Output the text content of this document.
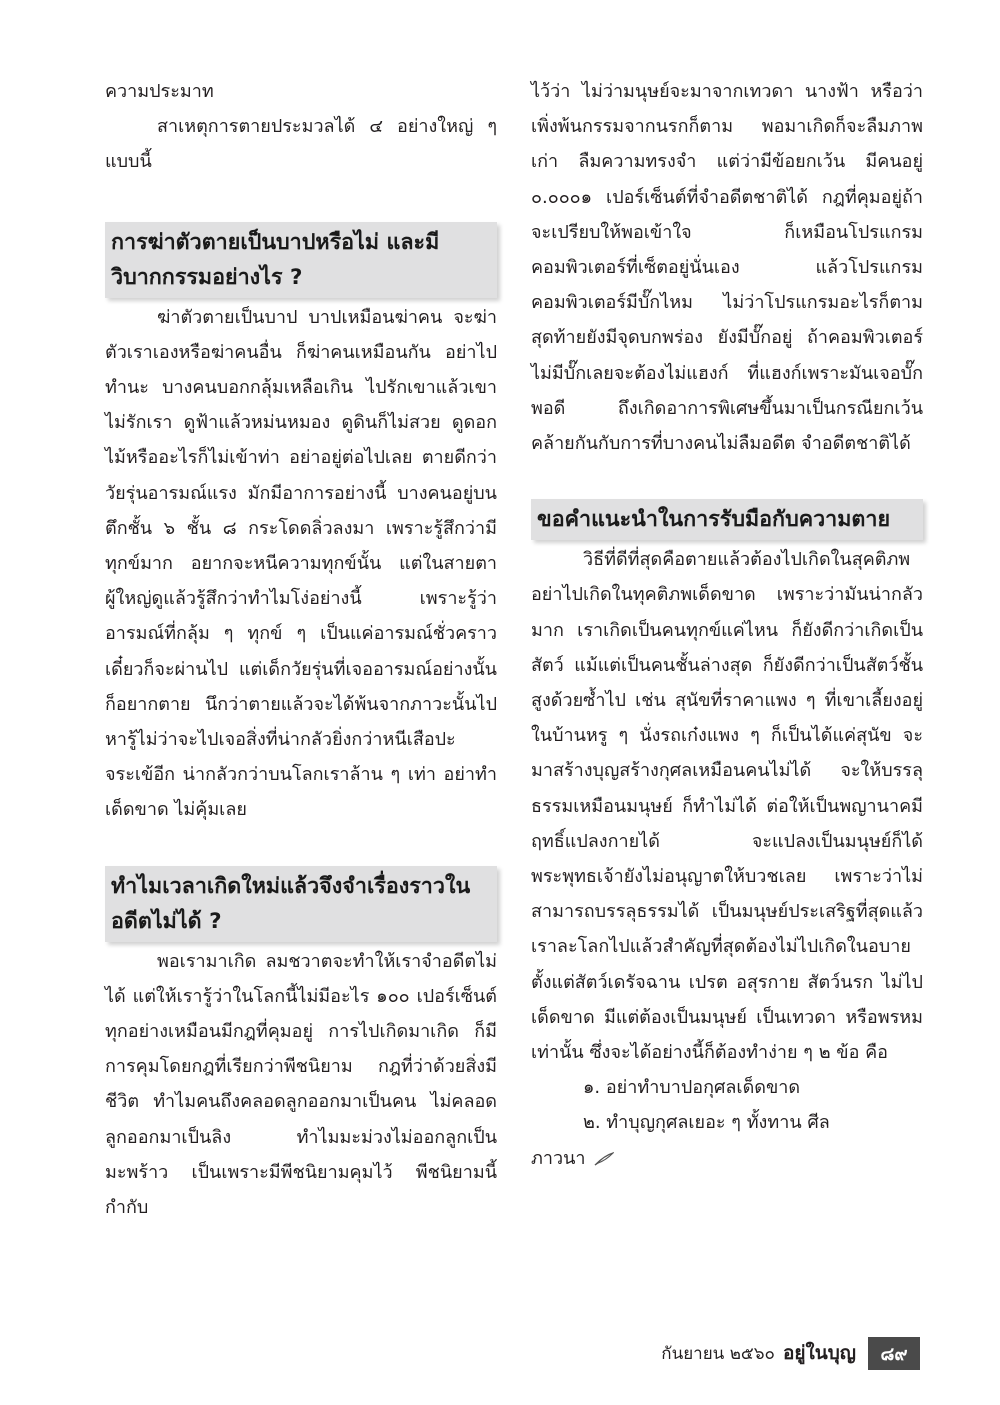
ความประมาท

สาเหตุการตายประมวลได้ ๔ อย่างใหญ่ ๆ แบบนี้

การฆ่าตัวตายเป็นบาปหรือไม่ และมีวิบากกรรมอย่างไร ?

ฆ่าตัวตายเป็นบาป บาปเหมือนฆ่าคน จะฆ่าตัวเราเองหรือฆ่าคนอื่น ก็ฆ่าคนเหมือนกัน อย่าไปทำนะ บางคนบอกกลุ้มเหลือเกิน ไปรักเขาแล้วเขาไม่รักเรา ดูฟ้าแล้วหม่นหมอง ดูดินก็ไม่สวย ดูดอกไม้หรืออะไรก็ไม่เข้าท่า อย่าอยู่ต่อไปเลย ตายดีกว่า วัยรุ่นอารมณ์แรง มักมีอาการอย่างนี้ บางคนอยู่บนตึกชั้น ๖ ชั้น ๘ กระโดดลิ่วลงมา เพราะรู้สึกว่ามีทุกข์มาก อยากจะหนีความทุกข์นั้น แต่ในสายตาผู้ใหญ่ดูแล้วรู้สึกว่าทำไมโง่อย่างนี้ เพราะรู้ว่าอารมณ์ที่กลุ้ม ๆ ทุกข์ ๆ เป็นแค่อารมณ์ชั่วคราว เดี๋ยวก็จะผ่านไป แต่เด็กวัยรุ่นที่เจออารมณ์อย่างนั้น ก็อยากตาย นึกว่าตายแล้วจะได้พ้นจากภาวะนั้นไป หารู้ไม่ว่าจะไปเจอสิ่งที่น่ากลัวยิ่งกว่าหนีเสือปะจระเข้อีก น่ากลัวกว่าบนโลกเราล้าน ๆ เท่า อย่าทำเด็ดขาด ไม่คุ้มเลย

ทำไมเวลาเกิดใหม่แล้วจึงจำเรื่องราวในอดีตไม่ได้ ?

พอเรามาเกิด ลมชวาตจะทำให้เราจำอดีตไม่ได้ แต่ให้เรารู้ว่าในโลกนี้ไม่มีอะไร ๑๐๐ เปอร์เซ็นต์ ทุกอย่างเหมือนมีกฎที่คุมอยู่ การไปเกิดมาเกิด ก็มีการคุมโดยกฎที่เรียกว่าพีชนิยาม กฎที่ว่าด้วยสิ่งมีชีวิต ทำไมคนถึงคลอดลูกออกมาเป็นคน ไม่คลอดลูกออกมาเป็นลิง ทำไมมะม่วงไม่ออกลูกเป็นมะพร้าว เป็นเพราะมีพีชนิยามคุมไว้ พีชนิยามนี้กำกับ

ไว้ว่า ไม่ว่ามนุษย์จะมาจากเทวดา นางฟ้า หรือว่าเพิ่งพ้นกรรมจากนรกก็ตาม พอมาเกิดก็จะลืมภาพเก่า ลืมความทรงจำ แต่ว่ามีข้อยกเว้น มีคนอยู่ ๐.๐๐๐๑ เปอร์เซ็นต์ที่จำอดีตชาติได้ กฎที่คุมอยู่ถ้าจะเปรียบให้พอเข้าใจ ก็เหมือนโปรแกรมคอมพิวเตอร์ที่เซ็ตอยู่นั่นเอง แล้วโปรแกรมคอมพิวเตอร์มีบั๊กไหม ไม่ว่าโปรแกรมอะไรก็ตาม สุดท้ายยังมีจุดบกพร่อง ยังมีบั๊กอยู่ ถ้าคอมพิวเตอร์ไม่มีบั๊กเลยจะต้องไม่แฮงก์ ที่แฮงก์เพราะมันเจอบั๊กพอดี ถึงเกิดอาการพิเศษขึ้นมาเป็นกรณียกเว้น คล้ายกันกับการที่บางคนไม่ลืมอดีต จำอดีตชาติได้

ขอคำแนะนำในการรับมือกับความตาย

วิธีที่ดีที่สุดคือตายแล้วต้องไปเกิดในสุคติภพ อย่าไปเกิดในทุคติภพเด็ดขาด เพราะว่ามันน่ากลัวมาก เราเกิดเป็นคนทุกข์แค่ไหน ก็ยังดีกว่าเกิดเป็นสัตว์ แม้แต่เป็นคนชั้นล่างสุด ก็ยังดีกว่าเป็นสัตว์ชั้นสูงด้วยซ้ำไป เช่น สุนัขที่ราคาแพง ๆ ที่เขาเลี้ยงอยู่ในบ้านหรู ๆ นั่งรถเก๋งแพง ๆ ก็เป็นได้แค่สุนัข จะมาสร้างบุญสร้างกุศลเหมือนคนไม่ได้ จะให้บรรลุธรรมเหมือนมนุษย์ ก็ทำไม่ได้ ต่อให้เป็นพญานาคมีฤทธิ์แปลงกายได้ จะแปลงเป็นมนุษย์ก็ได้ พระพุทธเจ้ายังไม่อนุญาตให้บวชเลย เพราะว่าไม่สามารถบรรลุธรรมได้ เป็นมนุษย์ประเสริฐที่สุดแล้ว เราละโลกไปแล้วสำคัญที่สุดต้องไม่ไปเกิดในอบาย ตั้งแต่สัตว์เดรัจฉาน เปรต อสุรกาย สัตว์นรก ไม่ไปเด็ดขาด มีแต่ต้องเป็นมนุษย์ เป็นเทวดา หรือพรหมเท่านั้น ซึ่งจะได้อย่างนี้ก็ต้องทำง่าย ๆ ๒ ข้อ คือ

๑. อย่าทำบาปอกุศลเด็ดขาด

๒. ทำบุญกุศลเยอะ ๆ ทั้งทาน ศีล

ภาวนา

กันยายน ๒๕๖๐ อยู่ในบุญ	๘๙
